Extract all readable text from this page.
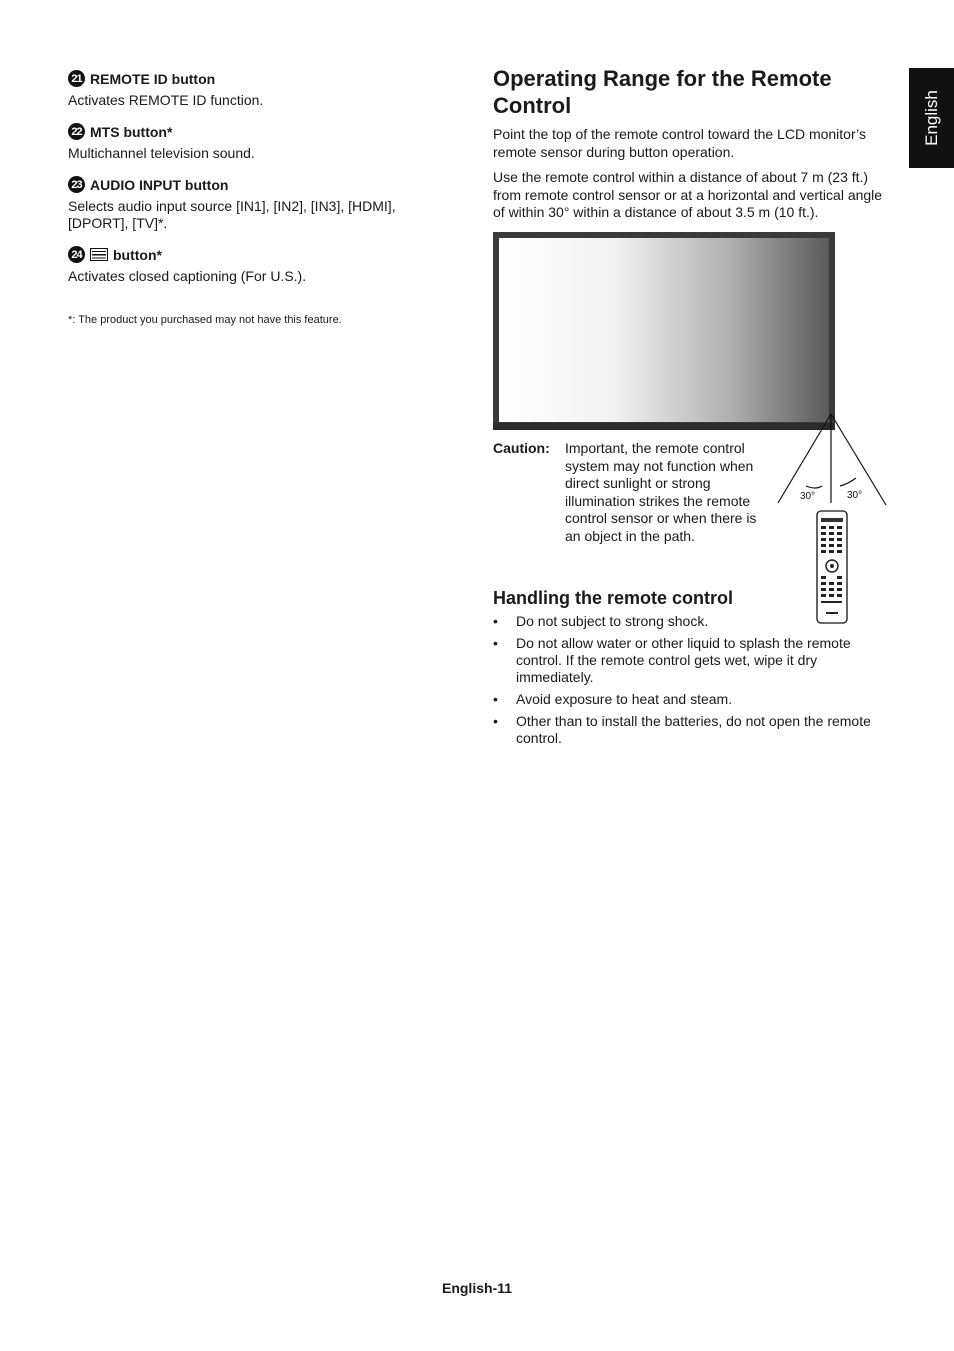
21 REMOTE ID button
Activates REMOTE ID function.
22 MTS button*
Multichannel television sound.
23 AUDIO INPUT button
Selects audio input source [IN1], [IN2], [IN3], [HDMI], [DPORT], [TV]*.
24 button*
Activates closed captioning (For U.S.).
*: The product you purchased may not have this feature.
Operating Range for the Remote Control

Point the top of the remote control toward the LCD monitor’s remote sensor during button operation.

Use the remote control within a distance of about 7 m (23 ft.) from remote control sensor or at a horizontal and vertical angle of within 30° within a distance of about 3.5 m (10 ft.).

30°	30°
Caution: Important, the remote control system may not function when direct sunlight or strong illumination strikes the remote control sensor or when there is an object in the path.
Handling the remote control
• Do not subject to strong shock.
• Do not allow water or other liquid to splash the remote control. If the remote control gets wet, wipe it dry immediately.
• Avoid exposure to heat and steam.
• Other than to install the batteries, do not open the remote control.
English
English-11
